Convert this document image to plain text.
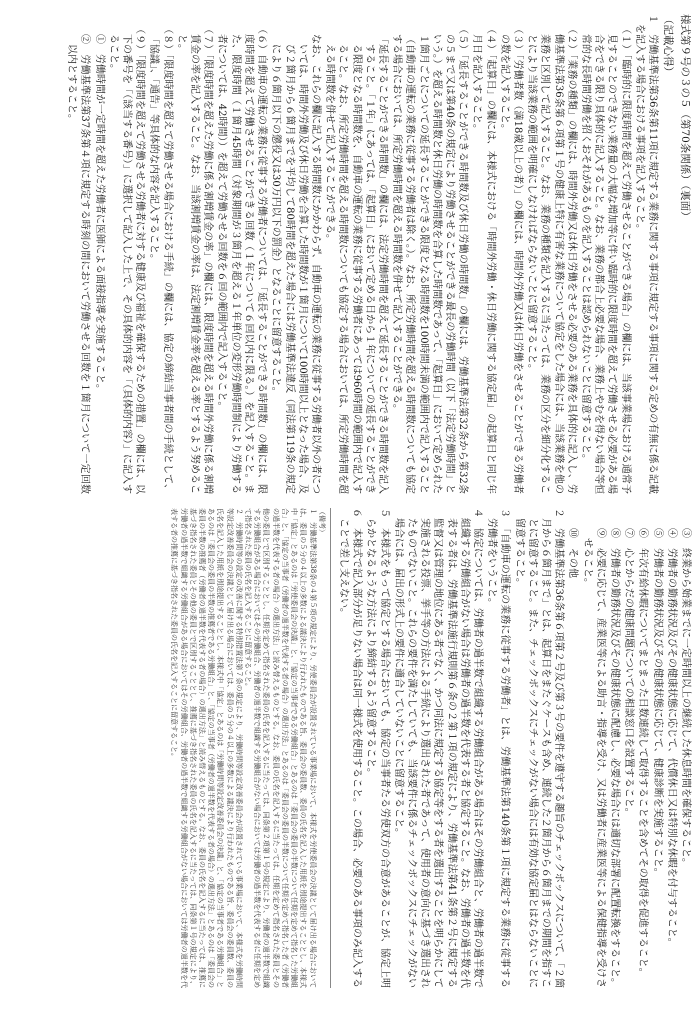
様式第９号の３の５（第70条関係）（裏面）
（記載心得）
１　労働基準法第36条第11項に規定する業務に関する事項に規定する事項に関する定めの有無に係る記載を記入する場合における事項を記入すること。
（１）「臨時的に限度時間を超えて労働させることができる場合」の欄には、当該事業場における通常予見することのできない業務量の大幅な増加等に伴い臨時的に限度時間を超えて労働させる必要がある場合をできる限り具体的に記入すること。なお、業務の都合上必要な場合、業務上やむを得ない場合等恒常的な長時間労働を招くおそれがあるものを記入することは認められないことに留意すること。
（２）「業務の種類」の欄には、時間外労働又は休日労働をさせる必要のある業務を具体的に記入し、労働基準法第36条第６項第１号の健康上特に有害な業務について協定をした場合には、当該業務を他の業務と区別して記入すること。なお、業務の種類を記入するに当たっては、業務の区分を細分化することにより当該業務の範囲を明確にしなければならないことに留意すること。
（３）「労働者数（満18歳以上の者）」の欄には、時間外労働又は休日労働をさせることができる労働者の数を記入すること。
（４）「起算日」の欄には、本様式における「時間外労働・休日労働に関する協定届」の起算日と同じ年月日を記入すること。
（５）「延長することができる時間数及び休日労働の時間数」の欄には、労働基準法第32条から第32条の５まで又は第40条の規定により労働させることができる最長の労働時間（以下「法定労働時間」という。）を超える時間数と休日労働の時間数を合算した時間数であって、「起算日」において定められた１箇月ごとについての延長することができる限度となる時間数を100時間未満の範囲内で記入すること（自動車の運転の業務に従事する労働者は除く。）。なお、所定労働時間を超える時間数についても協定する場合においては、所定労働時間を超える時間数を併せて記入することができる。
「延長することができる時間数」の欄には、法定労働時間を超えて延長することができる時間数を記入すること。「１年」にあっては、「起算日」において定める日から１年についての延長することができる限度となる時間数を、自動車の運転の業務に従事する労働者にあっては960時間の範囲内で記入すること。なお、所定労働時間を超える時間数についても協定する場合においては、所定労働時間を超える時間数を併せて記入することができる。
なお、これらの欄に記入する時間数にかかわらず、自動車の運転の業務に従事する労働者以外の者については、時間外労働及び休日労働を合算した時間数が１箇月について100時間以上となった場合、及び２箇月から６箇月までを平均して80時間を超えた場合には労働基準法違反（同法第119条の規定により６箇月以下の懲役又は30万円以下の罰金）となることに留意すること。
（６）自動車の運転の業務に従事する労働者については、「延長することができる時間数」の欄には、限度時間を超えて労働させることができる回数（１年について６回以内に限る。）を記入すること。また、限度時間（１箇月45時間（対象期間が３箇月を超える１年単位の変形労働時間制により労働する者については、42時間））を超えて労働させる回数を６回の範囲内で記入すること。
（７）「限度時間を超えた労働に係る割増賃金の率」の欄には、限度時間を超える時間外労働に係る割増賃金の率を記入すること。なお、当該割増賃金の率は、法定割増賃金率を超える率とするよう努めること。
（８）「限度時間を超えて労働させる場合における手続」の欄には、協定の締結当事者間の手続として、「協議」、「通告」等具体的な内容を記入すること。
（９）「限度時間を超えて労働させる労働者に対する健康及び福祉を確保するための措置」の欄には、以下の番号を「（該当する番号）」に選択して記入した上で、その具体的内容を「（具体的内容）」に記入すること。
①　労働時間が一定時間を超えた労働者に医師による面接指導を実施すること。
②　労働基準法第37条第４項に規定する時刻の間において労働させる回数を１箇月について一定回数以内とすること。
③　終業から始業までに一定時間以上の継続した休息時間を確保すること。
④　労働者の勤務状況及びその健康状態に応じて、代償休日又は特別な休暇を付与すること。
⑤　労働者の勤務状況及びその健康状態に応じて、健康診断を実施すること。
⑥　年次有給休暇についてまとまった日数連続して取得することを含めてその取得を促進すること。
⑦　心とからだの健康問題についての相談窓口を設置すること。
⑧　労働者の勤務状況及びその健康状態に配慮し、必要な場合には適切な部署に配置転換をすること。
⑨　必要に応じて、産業医等による助言・指導を受け、又は労働者に産業医等による保健指導を受けさせること。
⑩　その他
２　労働基準法第36条第６項第２号及び第３号の要件を遵守する趣旨のチェックボックスについて、「２箇月から６箇月まで」とは、起算日をまたぐケースも含め、連続した２箇月から６箇月までの期間を指すことに留意すること。また、チェックボックスにチェックがない場合には有効な協定届とはならないことに留意すること。
３　「自動車の運転の業務に従事する労働者」とは、労働基準法第140条第１項に規定する業務に従事する労働者をいうこと。
４　協定については、労働者の過半数で組織する労働組合がある場合はその労働組合と、労働者の過半数で組織する労働組合がない場合は労働者の過半数を代表する者と協定すること。なお、労働者の過半数を代表する者は、労働基準法施行規則第６条の２第１項の規定により、労働基準法第41条第２号に規定する監督又は管理の地位にある者でなく、かつ同法に規定する協定等をする者を選出することを明らかにして実施される投票、挙手等の方法による手続により選出された者であって、使用者の意向に基づき選出されたものでないこと。これらの要件を満たしていても、当該要件に係るチェックボックスにチェックがない場合には、届出の形式上の要件に適合していないことに留意すること。
５　本様式をもって協定とする場合においても、協定の当事者たる労使双方の合意があることが、協定上明らかとなるような方法により締結するよう留意すること。
６　本様式で記入部分が足りない場合は同一様式を使用すること。この場合、必要のある事項のみ記入することで差し支えない。
（備考）
１　労働基準法第38条の４第５項の規定により、労使委員会が設置されている事業場において、本様式を労使委員会の決議として届け出る場合においては、委員の５分の４以上の多数による議決により行われたものである旨、委員会の委員数、委員の氏名を記入した用紙を別途提出することとし、本様式中「協定」とあるのは「労使委員会の決議」と、「協定の当事者である労働組合」とあるのは「委員会の委員の半数について任期を定めて指名した労働組合」と、「協定の当事者（労働者の過半数を代表する者の場合）の選出方法」とあるのは「委員会の委員の半数について任期を定めて指名した者（労働者の過半数を代表する者の場合）の選出方法」と読み替えるものとする。なお、委員の氏名を記入するに当たっては、任期を定めて指名された委員とその他の委員とで区別することとし、任期を定めて指名された委員の氏名を記入するに当たっては、同条第２項第１号の規定により、労働者の過半数で組織する労働組合がある場合においてはその労働組合、労働者の過半数で組織する労働組合がない場合においては労働者の過半数を代表する者に任期を定めて指名された委員の氏名を記入することに留意すること。
２　労働時間等の設定の改善に関する特別措置法第７条の規定により、労働時間等設定改善委員会が設置されている事業場において、本様式を労働時間等設定改善委員会の決議として届け出る場合においては、委員の５分の４以上の多数による議決により行われたものである旨、委員会の委員数、委員の氏名を記入した用紙を別途提出することとし、本様式中「協定」とあるのは「労働時間等設定改善委員会の決議」と、「協定の当事者である労働組合」とあるのは「委員会の委員の半数の推薦者である労働組合」と、「協定の当事者（労働者の過半数を代表する者の場合）の選出方法」とあるのは「委員会の委員の半数の推薦者（労働者の過半数を代表する者の場合）の選出方法」と読み替えるものとする。なお、委員の氏名を記入するに当たっては、推薦に基づき指名された委員とその他の委員とで区別することとし、推薦に基づき指名された委員の氏名を記入するに当たっては、同条第１号の規定により、労働者の過半数で組織する労働組合がある場合においてはその労働組合、労働者の過半数で組織する労働組合がない場合においては労働者の過半数を代表する者の推薦に基づき指名された委員の氏名を記入することに留意すること。
